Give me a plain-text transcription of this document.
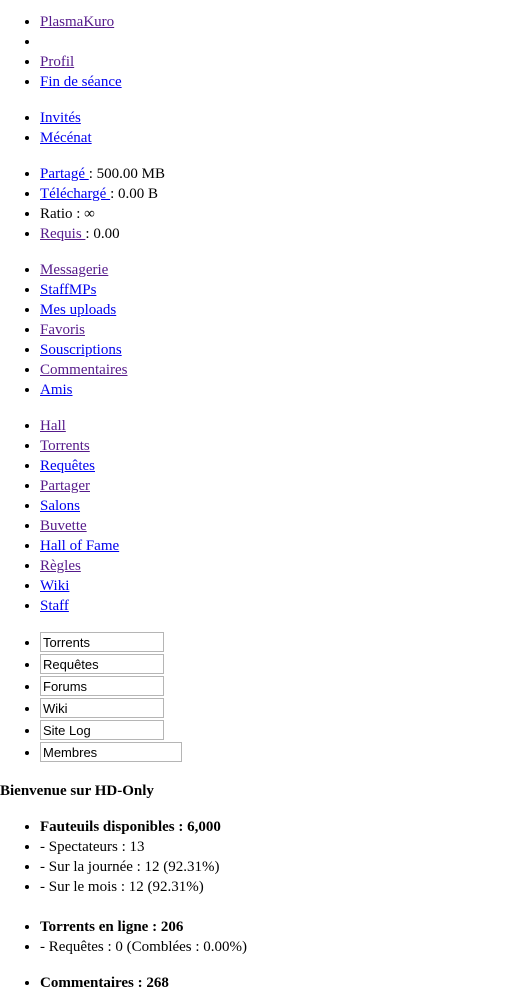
• PlasmaKuro
•
• Profil
• Fin de séance
• Invités
• Mécénat
• Partagé : 500.00 MB
• Téléchargé : 0.00 B
• Ratio : ∞
• Requis : 0.00
• Messagerie
• StaffMPs
• Mes uploads
• Favoris
• Souscriptions
• Commentaires
• Amis
• Hall
• Torrents
• Requêtes
• Partager
• Salons
• Buvette
• Hall of Fame
• Règles
• Wiki
• Staff
• Torrents
• Requêtes
• Forums
• Wiki
• Site Log
• Membres
Bienvenue sur HD-Only
• Fauteuils disponibles : 6,000
• - Spectateurs : 13
• - Sur la journée : 12 (92.31%)
• - Sur le mois : 12 (92.31%)
• Torrents en ligne : 206
• - Requêtes : 0 (Comblées : 0.00%)
• Commentaires : 268
